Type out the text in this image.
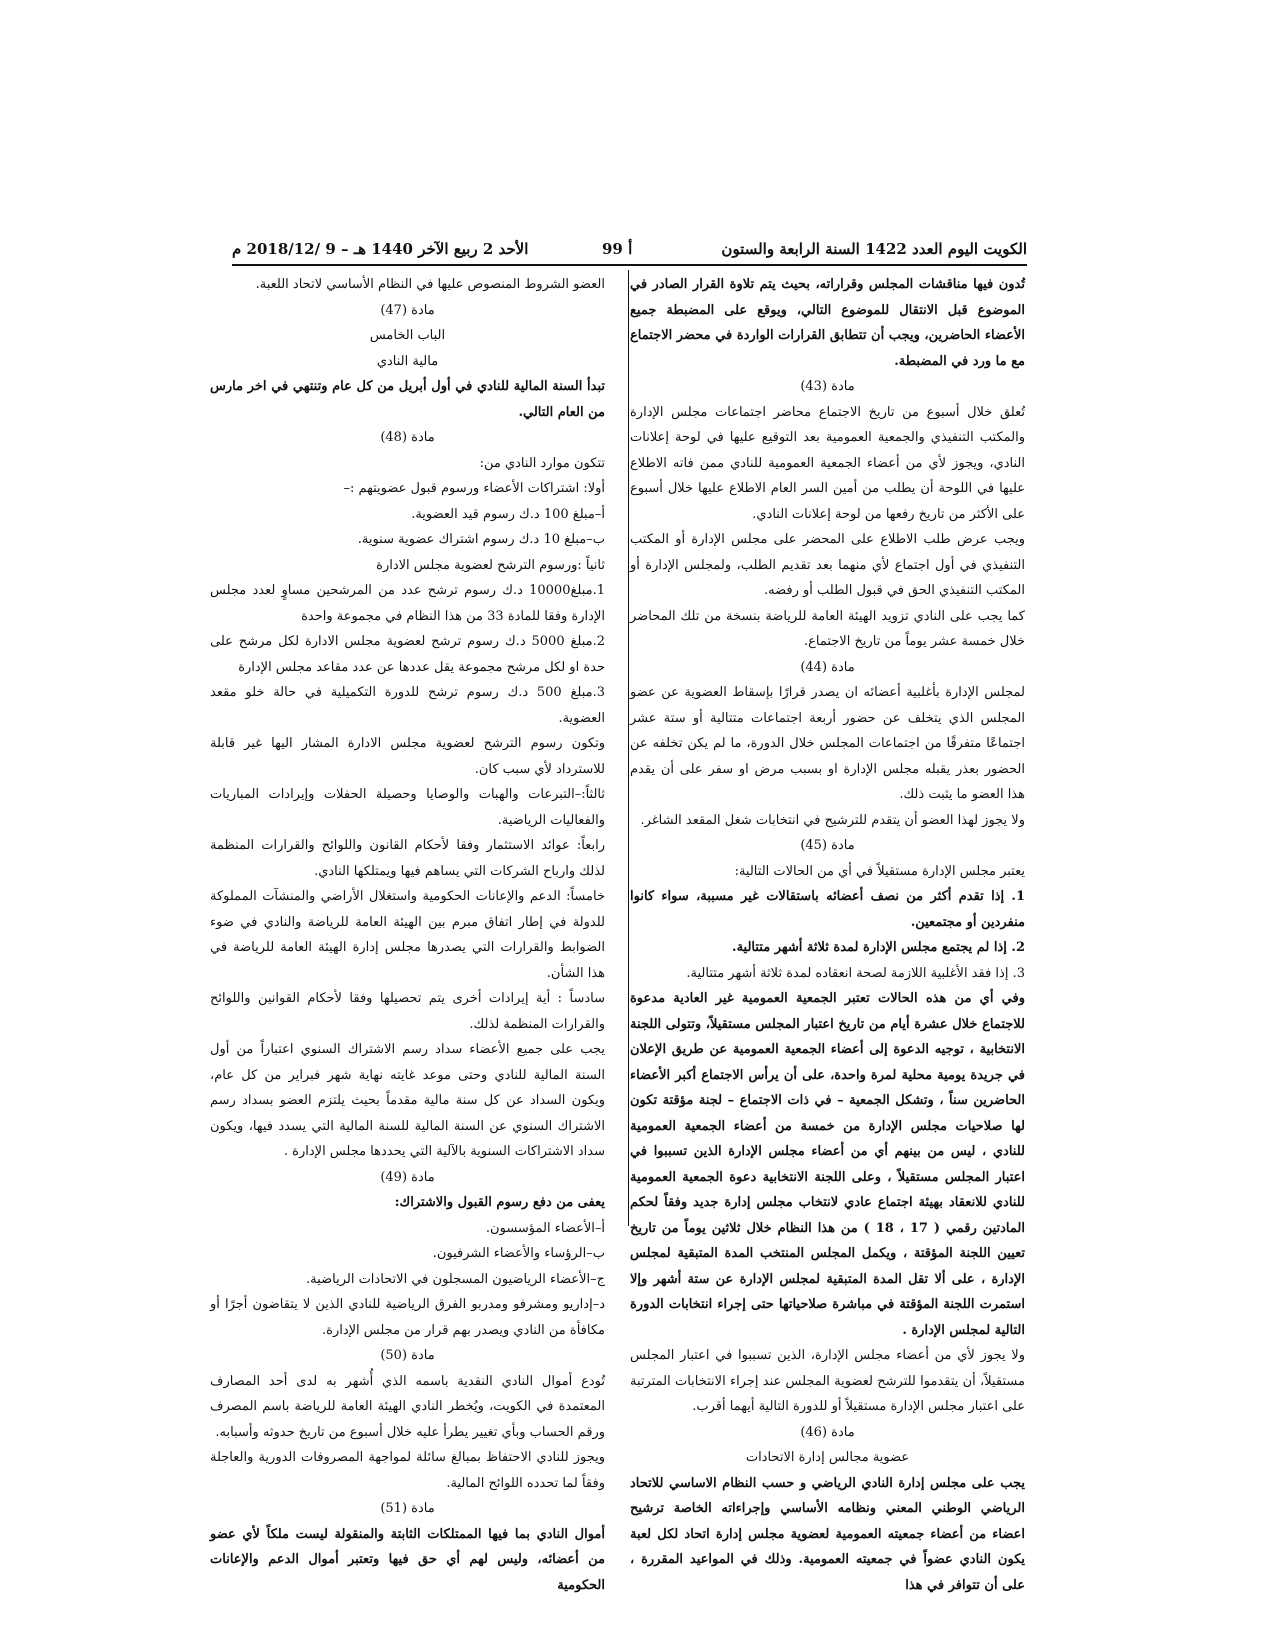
الكويت اليوم العدد 1422 السنة الرابعة والستون
أ 99
الأحد 2 ربيع الآخر 1440 هـ – 9 /2018/12 م

تُدون فيها مناقشات المجلس وقراراته، بحيث يتم تلاوة القرار الصادر في الموضوع قبل الانتقال للموضوع التالي، ويوقع على المضبطة جميع الأعضاء الحاضرين، ويجب أن تتطابق القرارات الواردة في محضر الاجتماع مع ما ورد في المضبطة.

مادة (43)

تُعلق خلال أسبوع من تاريخ الاجتماع محاضر اجتماعات مجلس الإدارة والمكتب التنفيذي والجمعية العمومية بعد التوقيع عليها في لوحة إعلانات النادي، ويجوز لأي من أعضاء الجمعية العمومية للنادي ممن فاته الاطلاع عليها في اللوحة أن يطلب من أمين السر العام الاطلاع عليها خلال أسبوع على الأكثر من تاريخ رفعها من لوحة إعلانات النادي.

ويجب عرض طلب الاطلاع على المحضر على مجلس الإدارة أو المكتب التنفيذي في أول اجتماع لأي منهما بعد تقديم الطلب، ولمجلس الإدارة أو المكتب التنفيذي الحق في قبول الطلب أو رفضه.

كما يجب على النادي تزويد الهيئة العامة للرياضة بنسخة من تلك المحاضر خلال خمسة عشر يوماً من تاريخ الاجتماع.

مادة (44)

لمجلس الإدارة بأغلبية أعضائه ان يصدر قرارًا بإسقاط العضوية عن عضو المجلس الذي يتخلف عن حضور أربعة اجتماعات متتالية أو ستة عشر اجتماعًا متفرقًا من اجتماعات المجلس خلال الدورة، ما لم يكن تخلفه عن الحضور بعذر يقبله مجلس الإدارة او بسبب مرض او سفر على أن يقدم هذا العضو ما يثبت ذلك.

ولا يجوز لهذا العضو أن يتقدم للترشيح في انتخابات شغل المقعد الشاغر.

مادة (45)

يعتبر مجلس الإدارة مستقيلاً في أي من الحالات التالية:

1. إذا تقدم أكثر من نصف أعضائه باستقالات غير مسببة، سواء كانوا منفردين أو مجتمعين.

2. إذا لم يجتمع مجلس الإدارة لمدة ثلاثة أشهر متتالية.

3. إذا فقد الأغلبية اللازمة لصحة انعقاده لمدة ثلاثة أشهر متتالية.

وفي أي من هذه الحالات تعتبر الجمعية العمومية غير العادية مدعوة للاجتماع خلال عشرة أيام من تاريخ اعتبار المجلس مستقيلاً، وتتولى اللجنة الانتخابية ، توجيه الدعوة إلى أعضاء الجمعية العمومية عن طريق الإعلان في جريدة يومية محلية لمرة واحدة، على أن يرأس الاجتماع أكبر الأعضاء الحاضرين سناً ، وتشكل الجمعية – في ذات الاجتماع – لجنة مؤقتة تكون لها صلاحيات مجلس الإدارة من خمسة من أعضاء الجمعية العمومية للنادي ، ليس من بينهم أي من أعضاء مجلس الإدارة الذين تسببوا في اعتبار المجلس مستقيلاً ، وعلى اللجنة الانتخابية دعوة الجمعية العمومية للنادي للانعقاد بهيئة اجتماع عادي لانتخاب مجلس إدارة جديد وفقاً لحكم المادتين رقمي ( 17 ، 18 ) من هذا النظام خلال ثلاثين يوماً من تاريخ تعيين اللجنة المؤقتة ، ويكمل المجلس المنتخب المدة المتبقية لمجلس الإدارة ، على ألا تقل المدة المتبقية لمجلس الإدارة عن ستة أشهر وإلا استمرت اللجنة المؤقتة في مباشرة صلاحياتها حتى إجراء انتخابات الدورة التالية لمجلس الإدارة .

ولا يجوز لأي من أعضاء مجلس الإدارة، الذين تسببوا في اعتبار المجلس مستقيلاً، أن يتقدموا للترشح لعضوية المجلس عند إجراء الانتخابات المترتبة على اعتبار مجلس الإدارة مستقيلاً أو للدورة التالية أيهما أقرب.

مادة (46)

عضوية مجالس إدارة الاتحادات

يجب على مجلس إدارة النادي الرياضي و حسب النظام الاساسي للاتحاد الرياضي الوطني المعني ونظامه الأساسي وإجراءاته الخاصة ترشيح اعضاء من أعضاء جمعيته العمومية لعضوية مجلس إدارة اتحاد لكل لعبة يكون النادي عضواً في جمعيته العمومية. وذلك في المواعيد المقررة ، على أن تتوافر في هذا

العضو الشروط المنصوص عليها في النظام الأساسي لاتحاد اللعبة.

مادة (47)

الباب الخامس

مالية النادي

تبدأ السنة المالية للنادي في أول أبريل من كل عام وتنتهي في اخر مارس من العام التالي.

مادة (48)

تتكون موارد النادي من:

أولا: اشتراكات الأعضاء ورسوم قبول عضويتهم :–

أ–مبلغ 100 د.ك رسوم قيد العضوية.

ب–مبلغ 10 د.ك رسوم اشتراك عضوية سنوية.

ثانياً :ورسوم الترشح لعضوية مجلس الادارة

1.مبلغ10000 د.ك رسوم ترشح عدد من المرشحين مساوٍ لعدد مجلس الإدارة وفقا للمادة 33 من هذا النظام في مجموعة واحدة

2.مبلغ 5000 د.ك رسوم ترشح لعضوية مجلس الادارة لكل مرشح على حدة او لكل مرشح مجموعة يقل عددها عن عدد مقاعد مجلس الإدارة

3.مبلغ 500 د.ك رسوم ترشح للدورة التكميلية في حالة خلو مقعد العضوية.

وتكون رسوم الترشح لعضوية مجلس الادارة المشار اليها غير قابلة للاسترداد لأي سبب كان.

ثالثاً:–التبرعات والهبات والوصايا وحصيلة الحفلات وإيرادات المباريات والفعاليات الرياضية.

رابعاً: عوائد الاستثمار وفقا لأحكام القانون واللوائح والقرارات المنظمة لذلك وارباح الشركات التي يساهم فيها ويمتلكها النادي.

خامساً: الدعم والإعانات الحكومية واستغلال الأراضي والمنشآت المملوكة للدولة في إطار اتفاق مبرم بين الهيئة العامة للرياضة والنادي في ضوء الضوابط والقرارات التي يصدرها مجلس إدارة الهيئة العامة للرياضة في هذا الشأن.

سادساً : أية إيرادات أخرى يتم تحصيلها وفقا لأحكام القوانين واللوائح والقرارات المنظمة لذلك.

يجب على جميع الأعضاء سداد رسم الاشتراك السنوي اعتباراً من أول السنة المالية للنادي وحتى موعد غايته نهاية شهر فبراير من كل عام، ويكون السداد عن كل سنة مالية مقدماً بحيث يلتزم العضو بسداد رسم الاشتراك السنوي عن السنة المالية للسنة المالية التي يسدد فيها، ويكون سداد الاشتراكات السنوية بالآلية التي يحددها مجلس الإدارة .

مادة (49)

يعفى من دفع رسوم القبول والاشتراك:

أ–الأعضاء المؤسسون.

ب–الرؤساء والأعضاء الشرفيون.

ج–الأعضاء الرياضيون المسجلون في الاتحادات الرياضية.

د–إداريو ومشرفو ومدربو الفرق الرياضية للنادي الذين لا يتقاضون أجرًا أو مكافأة من النادي ويصدر بهم قرار من مجلس الإدارة.

مادة (50)

تُودع أموال النادي النقدية باسمه الذي أُشهر به لدى أحد المصارف المعتمدة في الكويت، ويُخطر النادي الهيئة العامة للرياضة باسم المصرف ورقم الحساب وبأي تغيير يطرأ عليه خلال أسبوع من تاريخ حدوثه وأسبابه.

ويجوز للنادي الاحتفاظ بمبالغ سائلة لمواجهة المصروفات الدورية والعاجلة وفقاً لما تحدده اللوائح المالية.

مادة (51)

أموال النادي بما فيها الممتلكات الثابتة والمنقولة ليست ملكاً لأي عضو من أعضائه، وليس لهم أي حق فيها وتعتبر أموال الدعم والإعانات الحكومية
